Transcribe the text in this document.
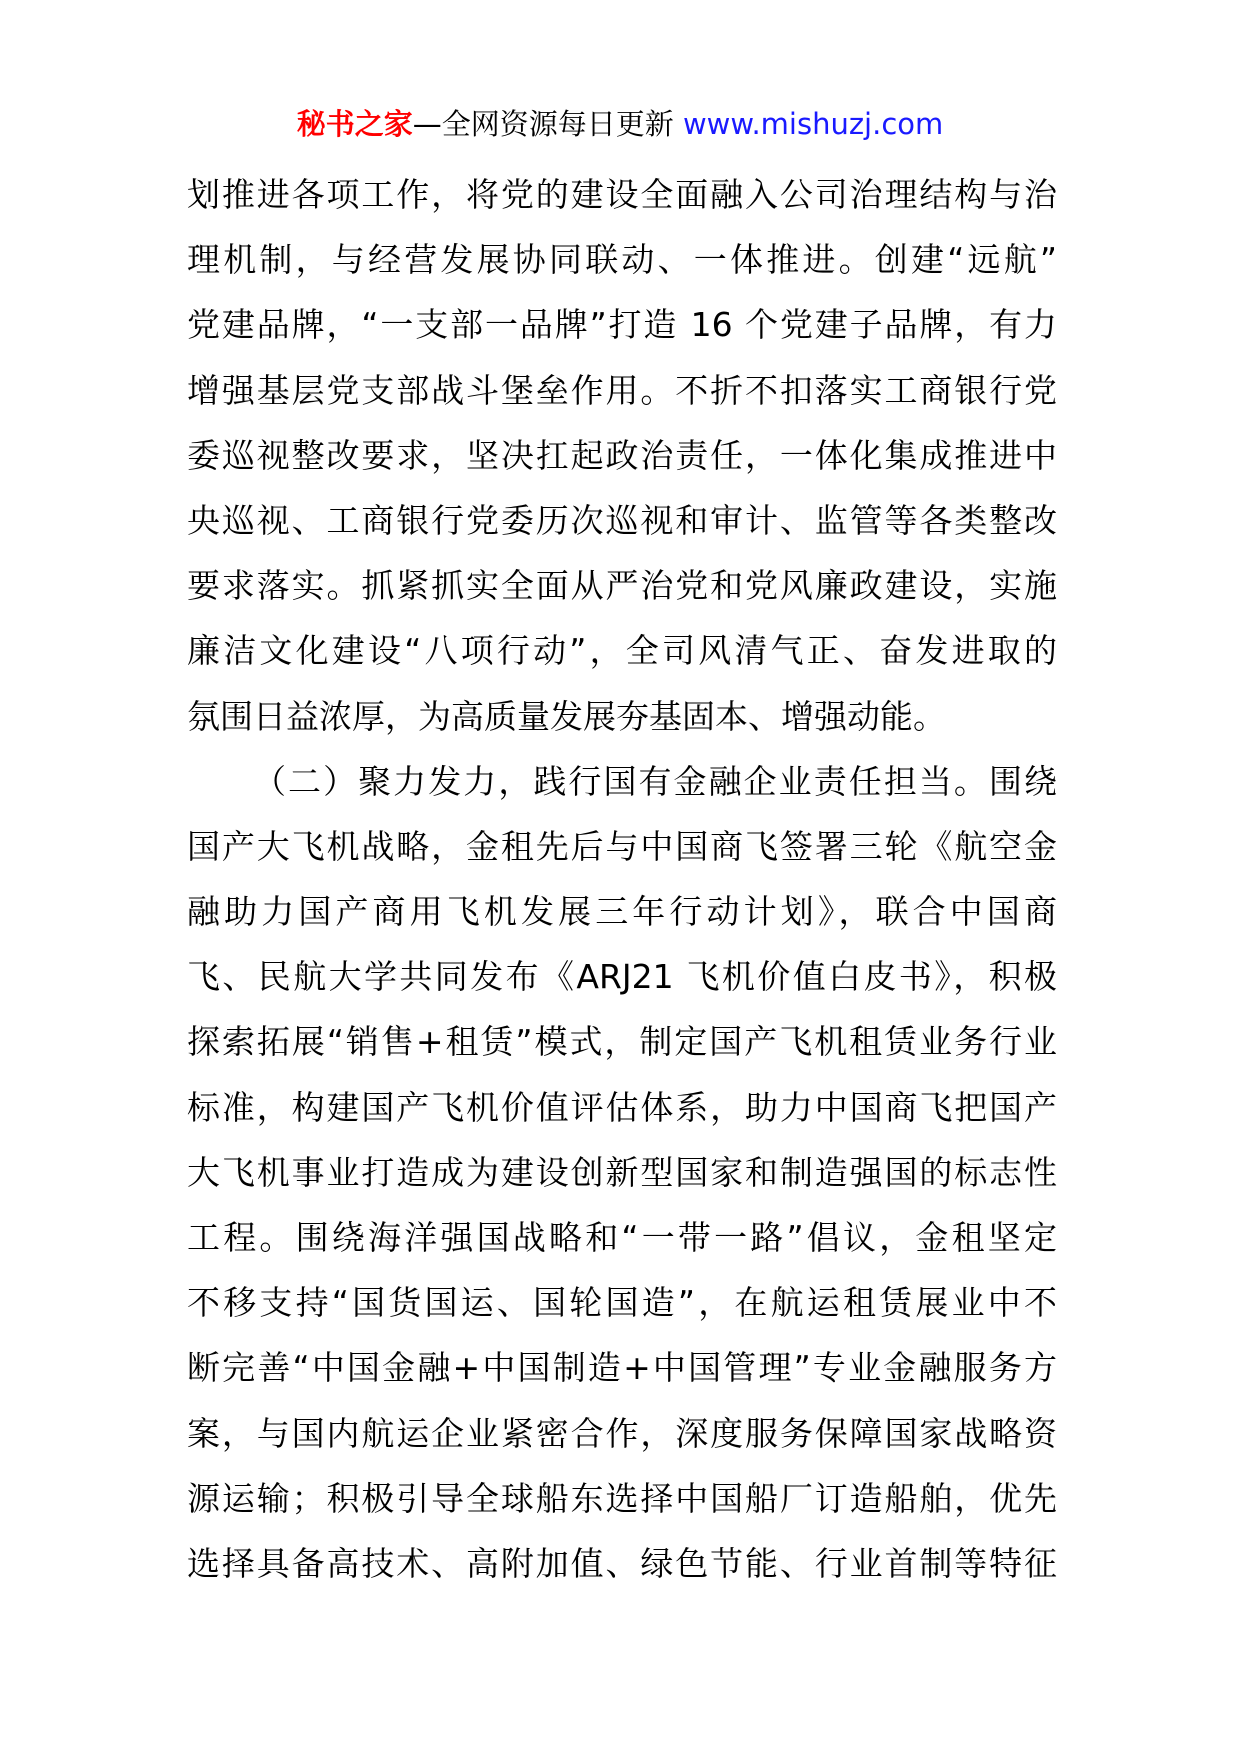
秘书之家—全网资源每日更新 www.mishuzj.com
划推进各项工作，将党的建设全面融入公司治理结构与治
理机制，与经营发展协同联动、一体推进。创建“远航”
党建品牌，“一支部一品牌”打造 16 个党建子品牌，有力
增强基层党支部战斗堡垒作用。不折不扣落实工商银行党
委巡视整改要求，坚决扛起政治责任，一体化集成推进中
央巡视、工商银行党委历次巡视和审计、监管等各类整改
要求落实。抓紧抓实全面从严治党和党风廉政建设，实施
廉洁文化建设“八项行动”，全司风清气正、奋发进取的
氛围日益浓厚，为高质量发展夯基固本、增强动能。
（二）聚力发力，践行国有金融企业责任担当。围绕
国产大飞机战略，金租先后与中国商飞签署三轮《航空金
融助力国产商用飞机发展三年行动计划》，联合中国商
飞、民航大学共同发布《ARJ21 飞机价值白皮书》，积极
探索拓展“销售+租赁”模式，制定国产飞机租赁业务行业
标准，构建国产飞机价值评估体系，助力中国商飞把国产
大飞机事业打造成为建设创新型国家和制造强国的标志性
工程。围绕海洋强国战略和“一带一路”倡议，金租坚定
不移支持“国货国运、国轮国造”，在航运租赁展业中不
断完善“中国金融+中国制造+中国管理”专业金融服务方
案，与国内航运企业紧密合作，深度服务保障国家战略资
源运输；积极引导全球船东选择中国船厂订造船舶，优先
选择具备高技术、高附加值、绿色节能、行业首制等特征
